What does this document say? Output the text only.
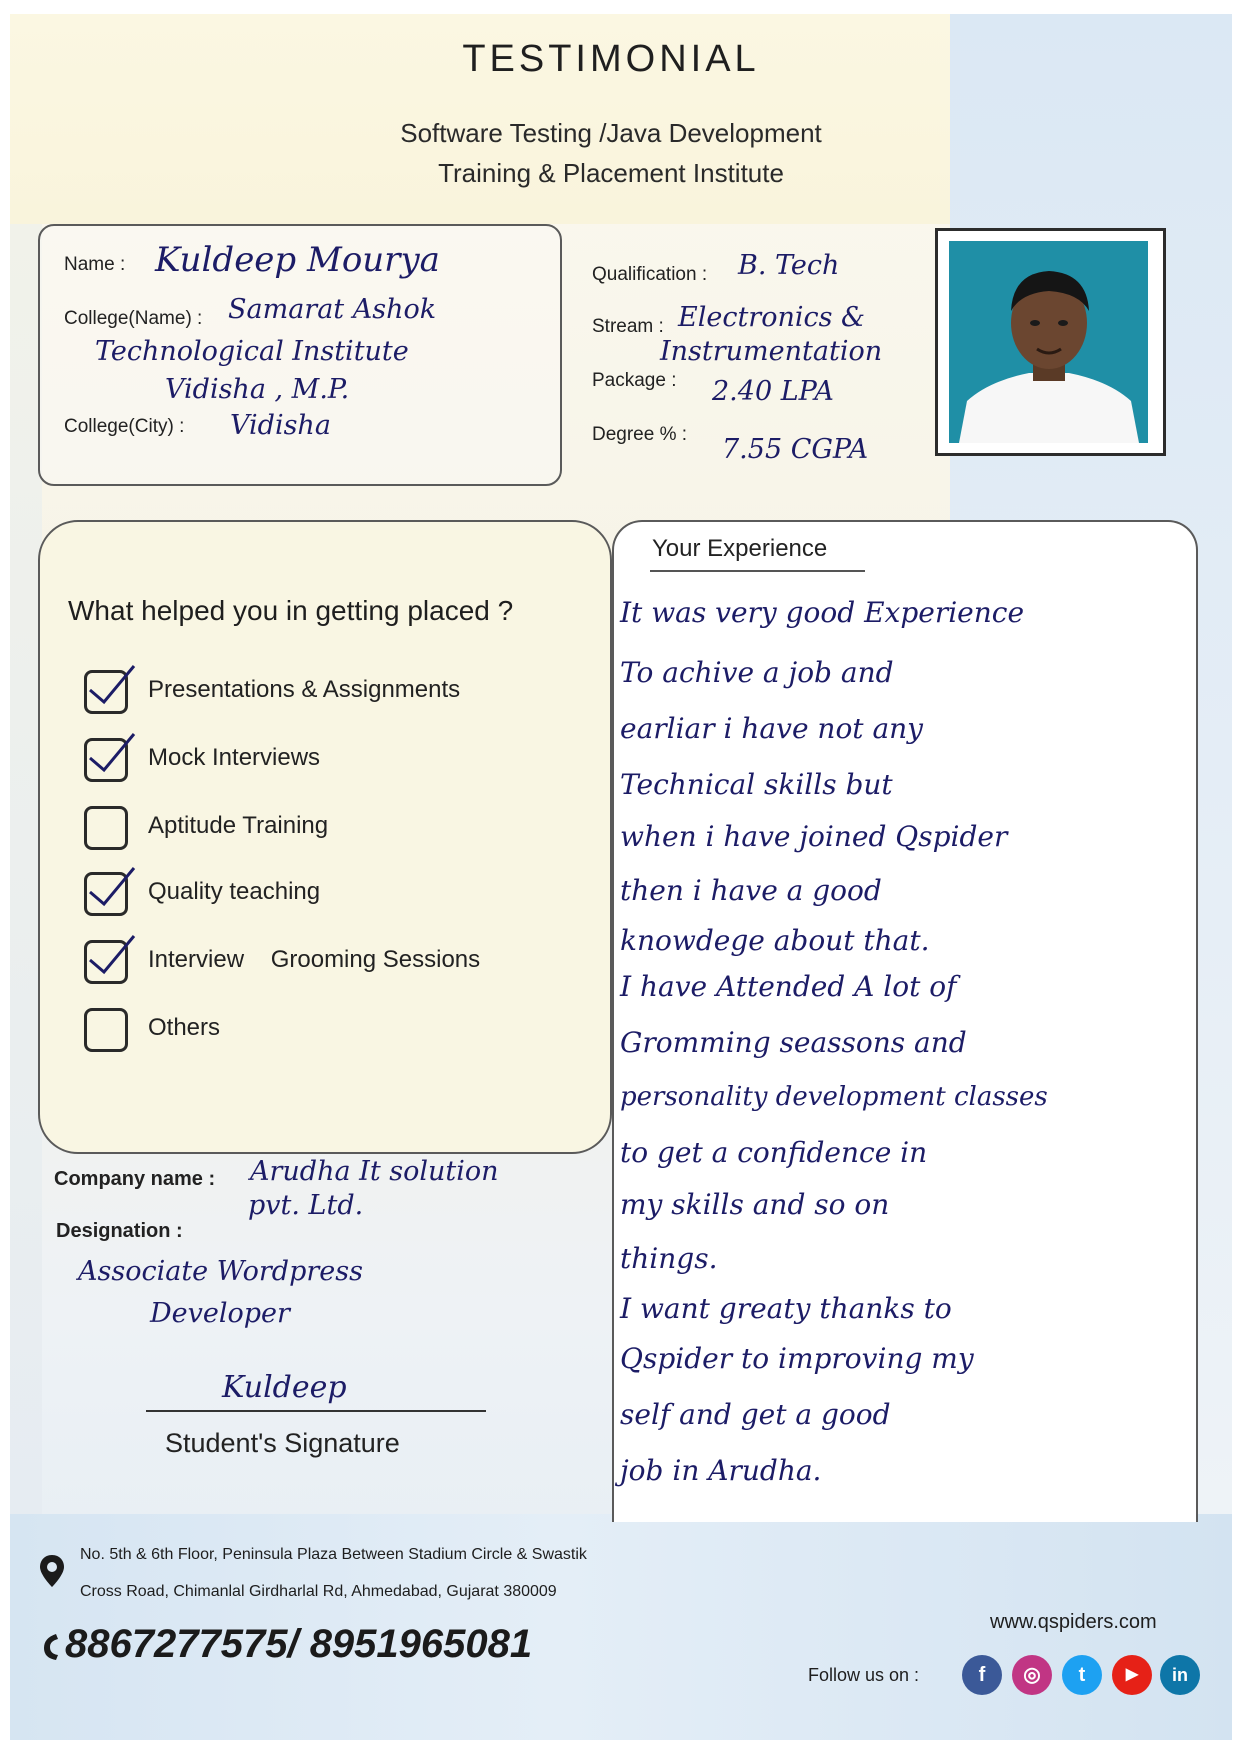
TESTIMONIAL
Software Testing /Java Development
Training & Placement Institute
Name : Kuldeep Mourya
College(Name) : Samarat Ashok
Technological Institute
Vidisha , M.P.
College(City) : Vidisha
Qualification : B. Tech
Stream : Electronics &
Instrumentation
Package : 2.40 LPA
Degree % : 7.55 CGPA
What helped you in getting placed ?
Presentations & Assignments
Mock Interviews
Aptitude Training
Quality teaching
Interview    Grooming Sessions
Others
Company name : Arudha It solution
pvt. Ltd.
Designation :
Associate Wordpress
Developer
Kuldeep
Student's Signature
Your Experience
It was very good Experience
To achive a job and
earliar i have not any
Technical skills but
when i have joined Qspider
then i have a good
knowdege about that.
I have Attended A lot of
Gromming seassons and
personality development classes
to get a confidence in
my skills and so on
things.
I want greaty thanks to
Qspider to improving my
self and get a good
job in Arudha.
No. 5th & 6th Floor, Peninsula Plaza Between Stadium Circle & Swastik
Cross Road, Chimanlal Girdharlal Rd, Ahmedabad, Gujarat 380009
8867277575/ 8951965081	www.qspiders.com
Follow us on :	f	◎	t	▶	in
